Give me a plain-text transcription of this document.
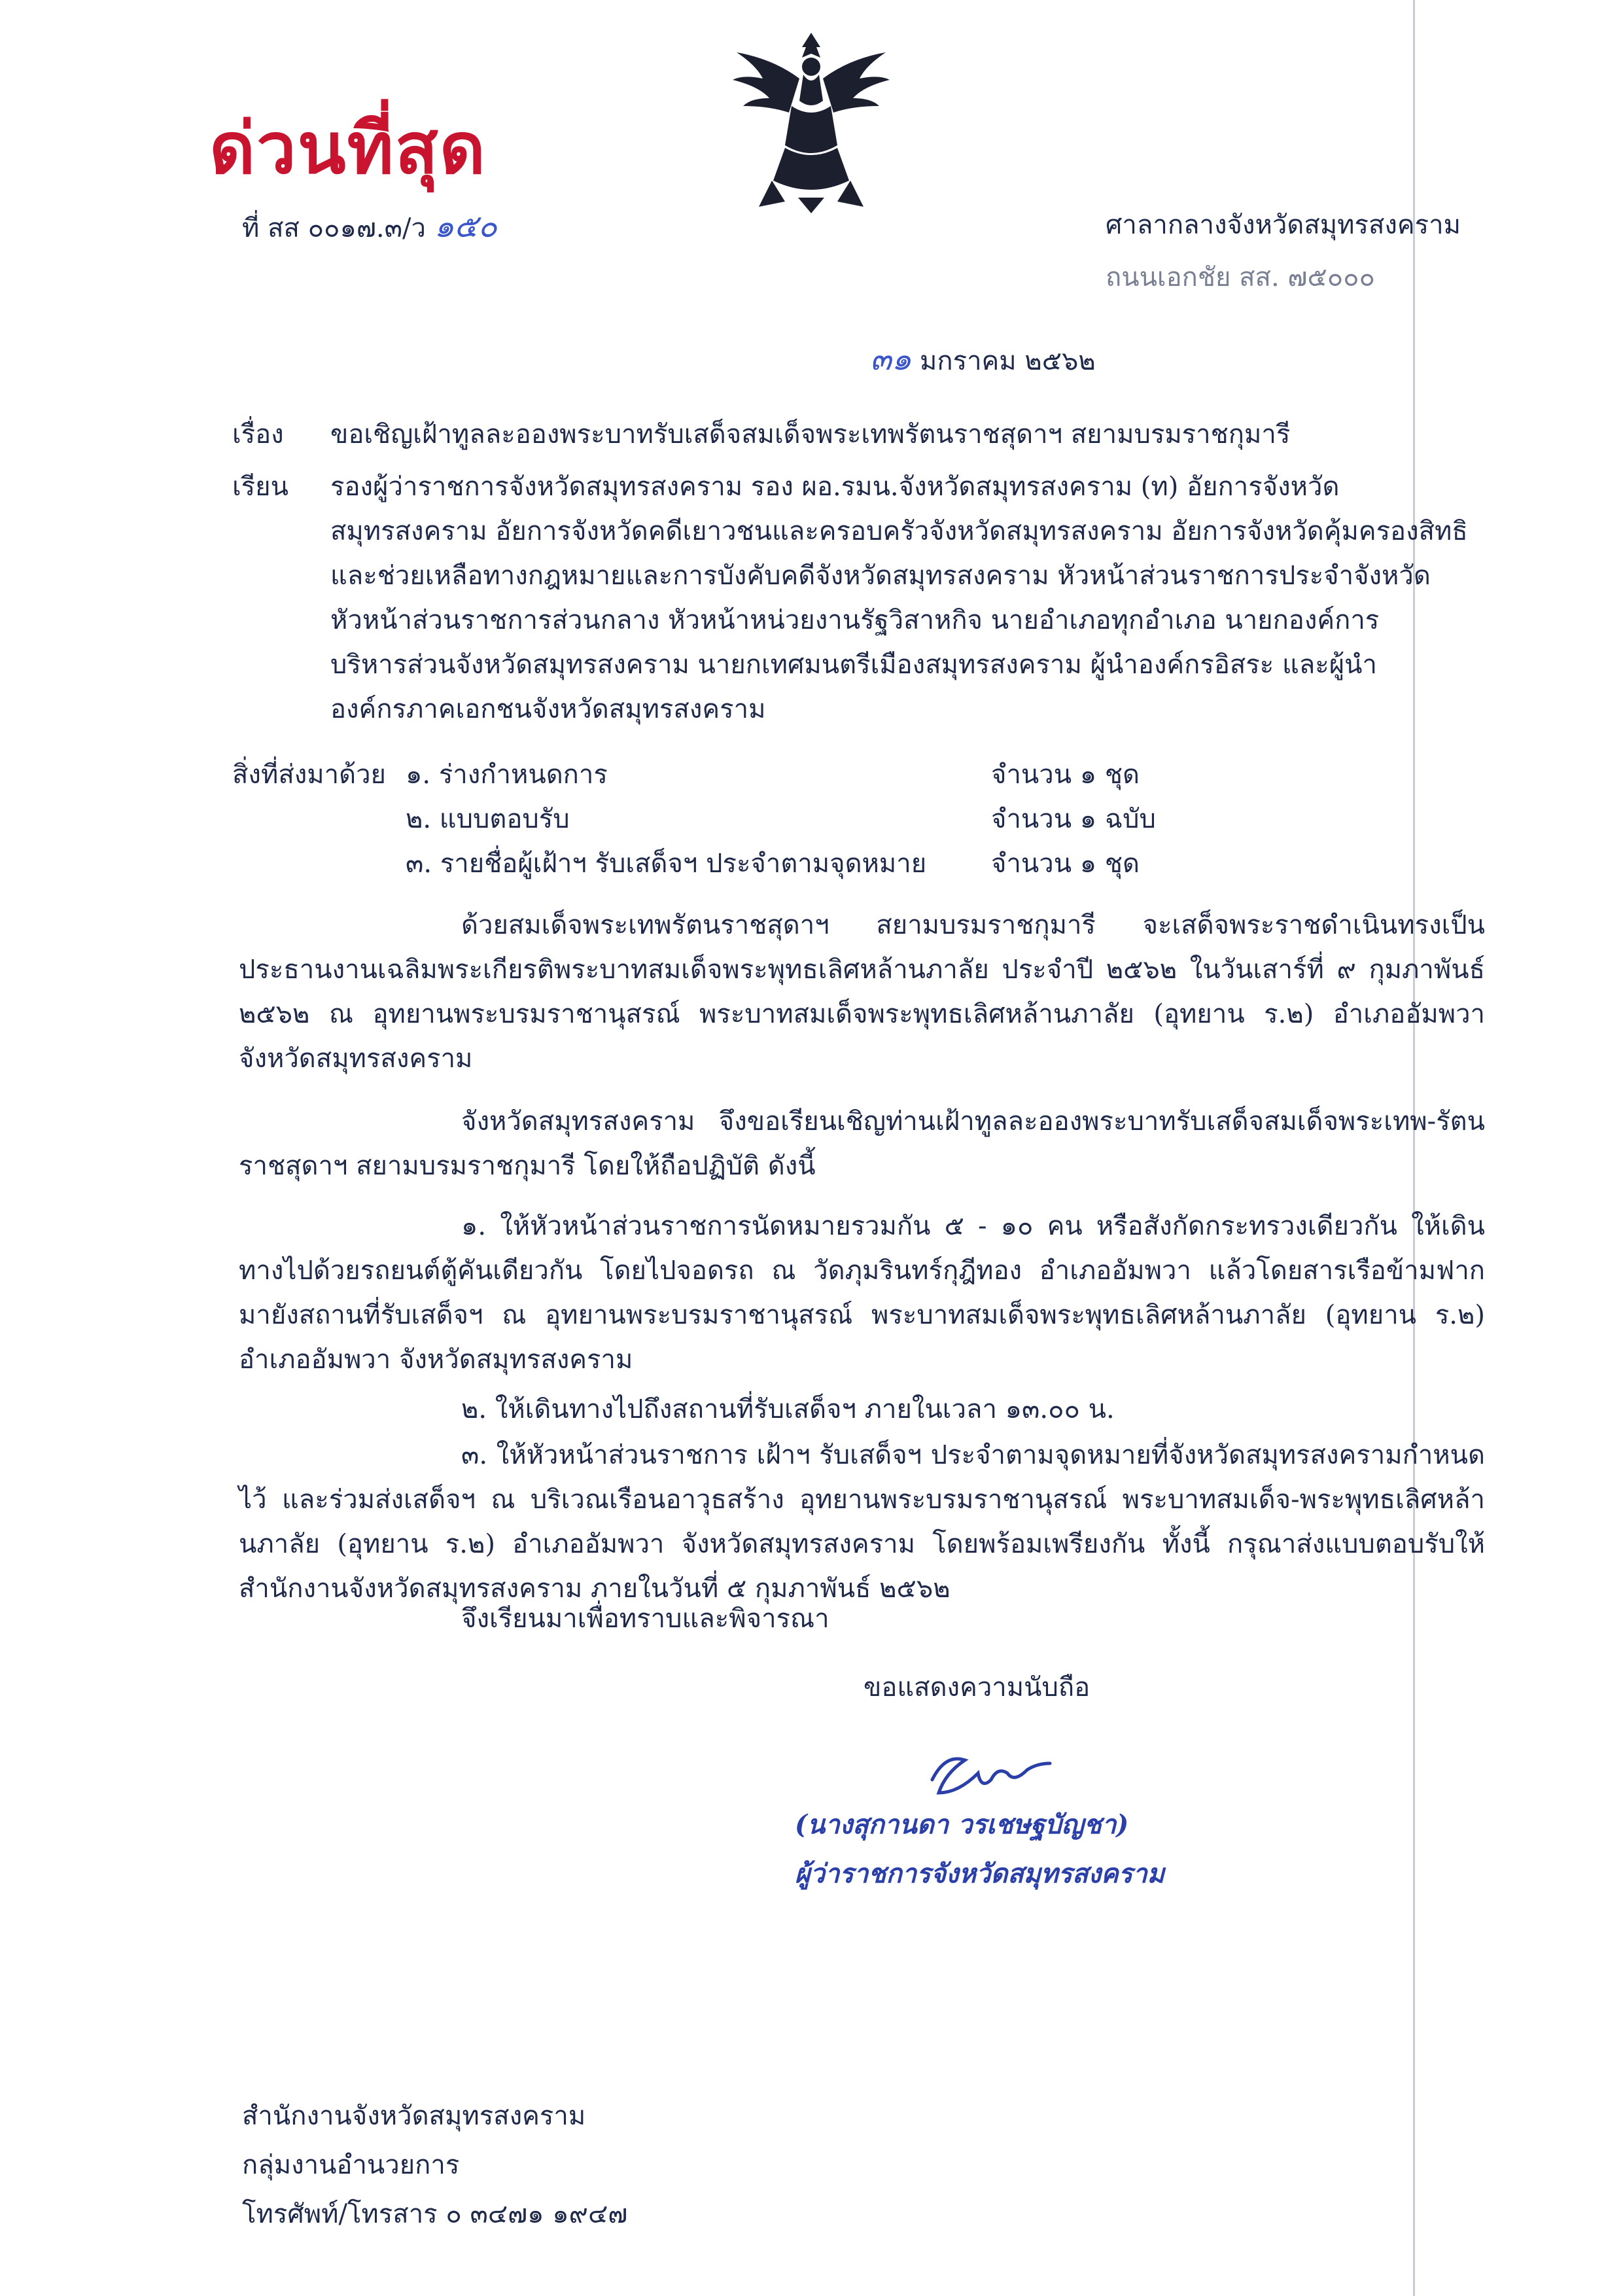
ด่วนที่สุด
ที่ สส ๐๐๑๗.๓/ว ๑๕๐	ศาลากลางจังหวัดสมุทรสงคราม
ถนนเอกชัย สส. ๗๕๐๐๐
๓๑ มกราคม ๒๕๖๒
เรื่อง ขอเชิญเฝ้าทูลละอองพระบาทรับเสด็จสมเด็จพระเทพรัตนราชสุดาฯ สยามบรมราชกุมารี
เรียน รองผู้ว่าราชการจังหวัดสมุทรสงคราม รอง ผอ.รมน.จังหวัดสมุทรสงคราม (ท) อัยการจังหวัด
สมุทรสงคราม อัยการจังหวัดคดีเยาวชนและครอบครัวจังหวัดสมุทรสงคราม อัยการจังหวัดคุ้มครองสิทธิ
และช่วยเหลือทางกฎหมายและการบังคับคดีจังหวัดสมุทรสงคราม หัวหน้าส่วนราชการประจำจังหวัด
หัวหน้าส่วนราชการส่วนกลาง หัวหน้าหน่วยงานรัฐวิสาหกิจ นายอำเภอทุกอำเภอ นายกองค์การ
บริหารส่วนจังหวัดสมุทรสงคราม นายกเทศมนตรีเมืองสมุทรสงคราม ผู้นำองค์กรอิสระ และผู้นำ
องค์กรภาคเอกชนจังหวัดสมุทรสงคราม
สิ่งที่ส่งมาด้วย ๑. ร่างกำหนดการ	จำนวน ๑ ชุด
๒. แบบตอบรับ	จำนวน ๑ ฉบับ
๓. รายชื่อผู้เฝ้าฯ รับเสด็จฯ ประจำตามจุดหมาย จำนวน ๑ ชุด
ด้วยสมเด็จพระเทพรัตนราชสุดาฯ สยามบรมราชกุมารี จะเสด็จพระราชดำเนินทรงเป็นประธานงานเฉลิมพระเกียรติพระบาทสมเด็จพระพุทธเลิศหล้านภาลัย ประจำปี ๒๕๖๒ ในวันเสาร์ที่ ๙ กุมภาพันธ์ ๒๕๖๒ ณ อุทยานพระบรมราชานุสรณ์ พระบาทสมเด็จพระพุทธเลิศหล้านภาลัย (อุทยาน ร.๒) อำเภออัมพวา จังหวัดสมุทรสงคราม
จังหวัดสมุทรสงคราม จึงขอเรียนเชิญท่านเฝ้าทูลละอองพระบาทรับเสด็จสมเด็จพระเทพ-รัตนราชสุดาฯ สยามบรมราชกุมารี โดยให้ถือปฏิบัติ ดังนี้
๑. ให้หัวหน้าส่วนราชการนัดหมายรวมกัน ๕ - ๑๐ คน หรือสังกัดกระทรวงเดียวกัน ให้เดินทางไปด้วยรถยนต์ตู้คันเดียวกัน โดยไปจอดรถ ณ วัดภุมรินทร์กุฎีทอง อำเภออัมพวา แล้วโดยสารเรือข้ามฟากมายังสถานที่รับเสด็จฯ ณ อุทยานพระบรมราชานุสรณ์ พระบาทสมเด็จพระพุทธเลิศหล้านภาลัย (อุทยาน ร.๒) อำเภออัมพวา จังหวัดสมุทรสงคราม
๒. ให้เดินทางไปถึงสถานที่รับเสด็จฯ ภายในเวลา ๑๓.๐๐ น.
๓. ให้หัวหน้าส่วนราชการ เฝ้าฯ รับเสด็จฯ ประจำตามจุดหมายที่จังหวัดสมุทรสงครามกำหนดไว้ และร่วมส่งเสด็จฯ ณ บริเวณเรือนอาวุธสร้าง อุทยานพระบรมราชานุสรณ์ พระบาทสมเด็จ-พระพุทธเลิศหล้านภาลัย (อุทยาน ร.๒) อำเภออัมพวา จังหวัดสมุทรสงคราม โดยพร้อมเพรียงกัน ทั้งนี้ กรุณาส่งแบบตอบรับให้สำนักงานจังหวัดสมุทรสงคราม ภายในวันที่ ๕ กุมภาพันธ์ ๒๕๖๒
จึงเรียนมาเพื่อทราบและพิจารณา
ขอแสดงความนับถือ
(นางสุกานดา วรเชษฐบัญชา)
ผู้ว่าราชการจังหวัดสมุทรสงคราม
สำนักงานจังหวัดสมุทรสงคราม
กลุ่มงานอำนวยการ
โทรศัพท์/โทรสาร ๐ ๓๔๗๑ ๑๙๔๗
